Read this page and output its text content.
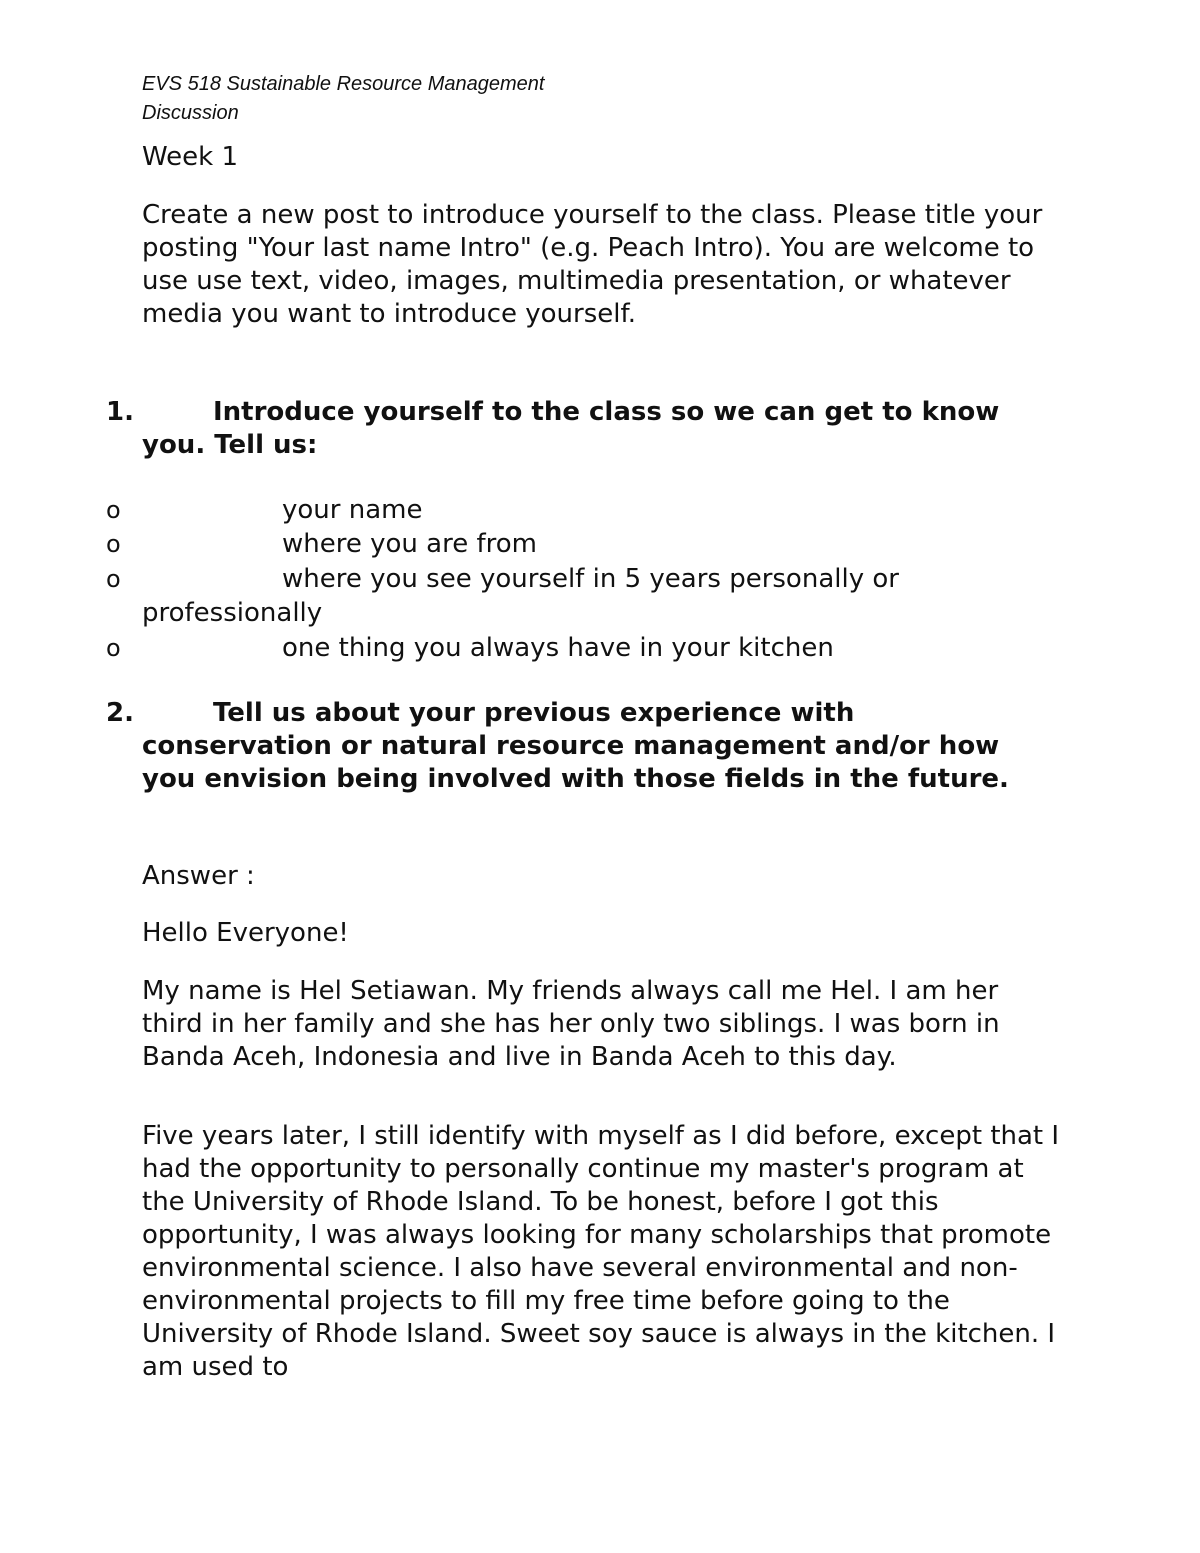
EVS 518 Sustainable Resource Management
Discussion
Week 1
Create a new post to introduce yourself to the class. Please title your posting "Your last name Intro" (e.g. Peach Intro). You are welcome to use use text, video, images, multimedia presentation, or whatever media you want to introduce yourself.
1.	Introduce yourself to the class so we can get to know you. Tell us:
o	your name
o	where you are from
o	where you see yourself in 5 years personally or professionally
o	one thing you always have in your kitchen
2.	Tell us about your previous experience with conservation or natural resource management and/or how you envision being involved with those fields in the future.
Answer :
Hello Everyone!
My name is Hel Setiawan. My friends always call me Hel. I am her third in her family and she has her only two siblings. I was born in Banda Aceh, Indonesia and live in Banda Aceh to this day.
Five years later, I still identify with myself as I did before, except that I had the opportunity to personally continue my master's program at the University of Rhode Island. To be honest, before I got this opportunity, I was always looking for many scholarships that promote environmental science. I also have several environmental and non-environmental projects to fill my free time before going to the University of Rhode Island. Sweet soy sauce is always in the kitchen. I am used to
